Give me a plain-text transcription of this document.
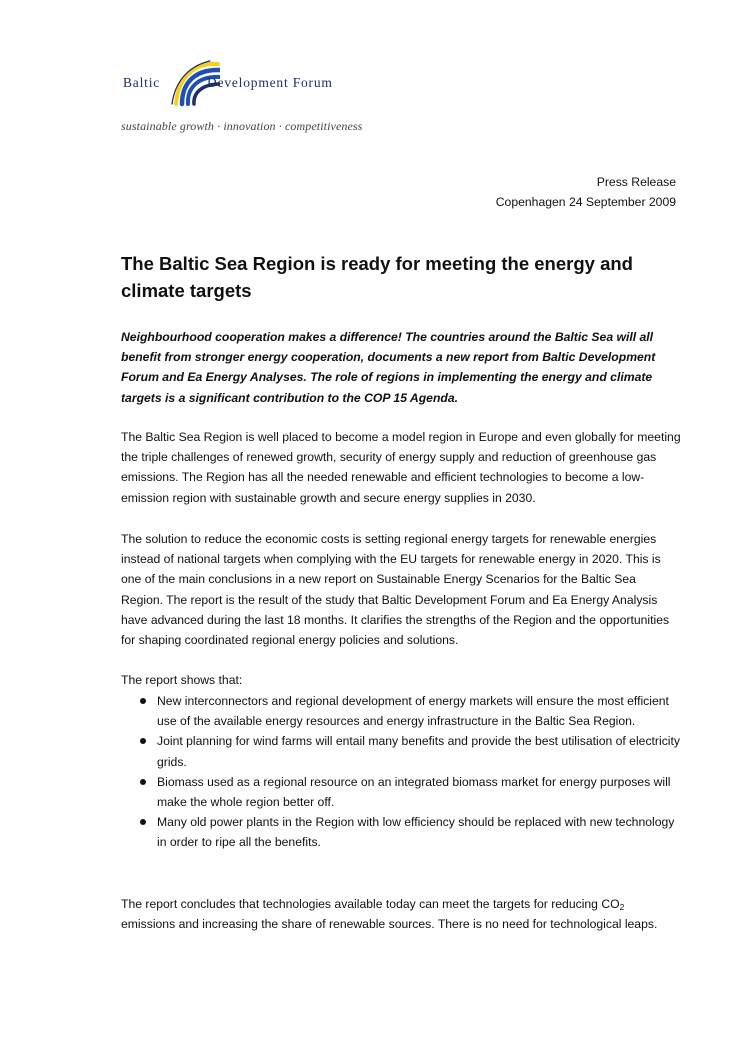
Baltic	Development Forum
sustainable growth · innovation · competitiveness
Press Release
Copenhagen 24 September 2009
The Baltic Sea Region is ready for meeting the energy and climate targets
Neighbourhood cooperation makes a difference! The countries around the Baltic Sea will all benefit from stronger energy cooperation, documents a new report from Baltic Development Forum and Ea Energy Analyses. The role of regions in implementing the energy and climate targets is a significant contribution to the COP 15 Agenda.
The Baltic Sea Region is well placed to become a model region in Europe and even globally for meeting the triple challenges of renewed growth, security of energy supply and reduction of greenhouse gas emissions. The Region has all the needed renewable and efficient technologies to become a low-emission region with sustainable growth and secure energy supplies in 2030.
The solution to reduce the economic costs is setting regional energy targets for renewable energies instead of national targets when complying with the EU targets for renewable energy in 2020. This is one of the main conclusions in a new report on Sustainable Energy Scenarios for the Baltic Sea Region. The report is the result of the study that Baltic Development Forum and Ea Energy Analysis have advanced during the last 18 months. It clarifies the strengths of the Region and the opportunities for shaping coordinated regional energy policies and solutions.
The report shows that:
New interconnectors and regional development of energy markets will ensure the most efficient use of the available energy resources and energy infrastructure in the Baltic Sea Region.
Joint planning for wind farms will entail many benefits and provide the best utilisation of electricity grids.
Biomass used as a regional resource on an integrated biomass market for energy purposes will make the whole region better off.
Many old power plants in the Region with low efficiency should be replaced with new technology in order to ripe all the benefits.
The report concludes that technologies available today can meet the targets for reducing $CO_2$ emissions and increasing the share of renewable sources. There is no need for technological leaps.
